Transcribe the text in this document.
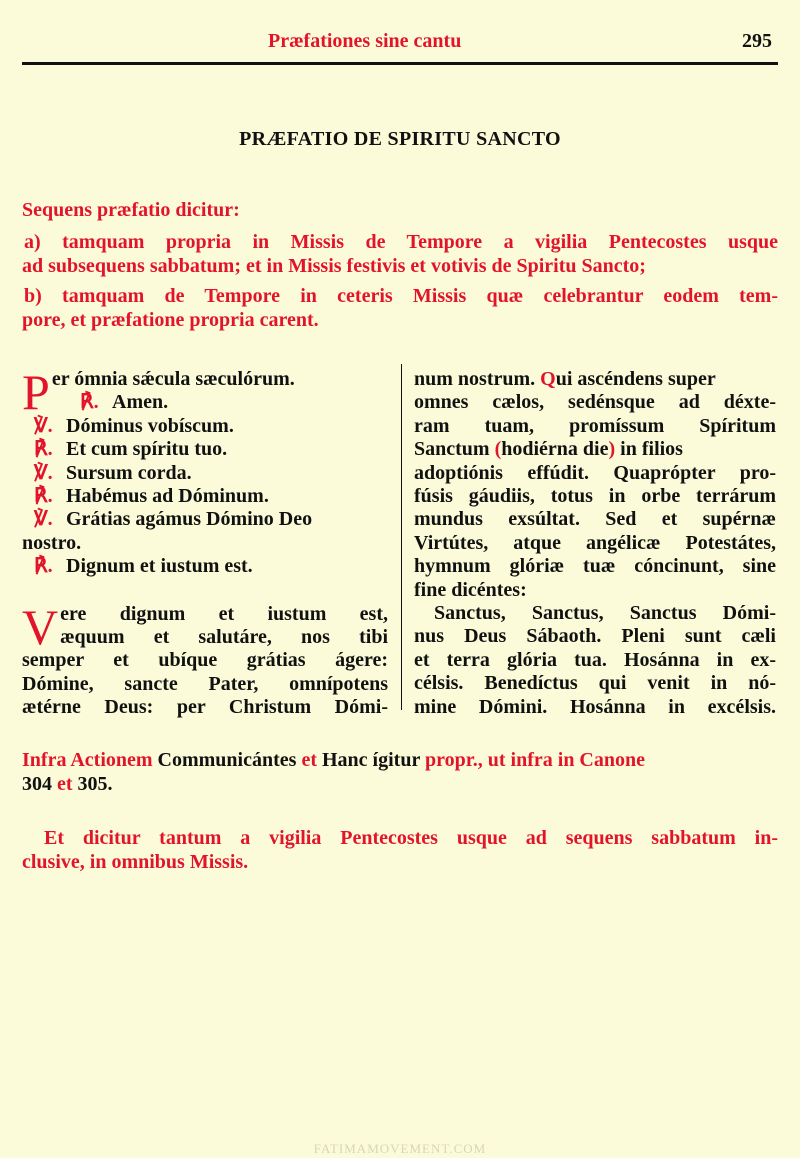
Præfationes sine cantu	295
PRÆFATIO DE SPIRITU SANCTO
Sequens præfatio dicitur:
a) tamquam propria in Missis de Tempore a vigilia Pentecostes usque
ad subsequens sabbatum; et in Missis festivis et votivis de Spiritu Sancto;
b) tamquam de Tempore in ceteris Missis quæ celebrantur eodem tem-
pore, et præfatione propria carent.
P er ómnia sǽcula sæculórum.
℟. Amen.
℣. Dóminus vobíscum.
℟. Et cum spíritu tuo.
℣. Sursum corda.
℟. Habémus ad Dóminum.
℣. Grátias agámus Dómino Deo
nostro.
℟. Dignum et iustum est.
V ere dignum et iustum est,
æquum et salutáre, nos tibi
semper et ubíque grátias ágere:
Dómine, sancte Pater, omnípotens
ætérne Deus: per Christum Dómi-
num nostrum. Qui ascéndens super
omnes cælos, sedénsque ad déxte-
ram tuam, promíssum Spíritum
Sanctum (hodiérna die) in filios
adoptiónis effúdit. Quaprópter pro-
fúsis gáudiis, totus in orbe terrárum
mundus exsúltat. Sed et supérnæ
Virtútes, atque angélicæ Potestátes,
hymnum glóriæ tuæ cóncinunt, sine
fine dicéntes:
Sanctus, Sanctus, Sanctus Dómi-
nus Deus Sábaoth. Pleni sunt cæli
et terra glória tua. Hosánna in ex-
célsis. Benedíctus qui venit in nó-
mine Dómini. Hosánna in excélsis.
Infra Actionem Communicántes et Hanc ígitur propr., ut infra in Canone
304 et 305.
Et dicitur tantum a vigilia Pentecostes usque ad sequens sabbatum in-
clusive, in omnibus Missis.
FATIMAMOVEMENT.COM
